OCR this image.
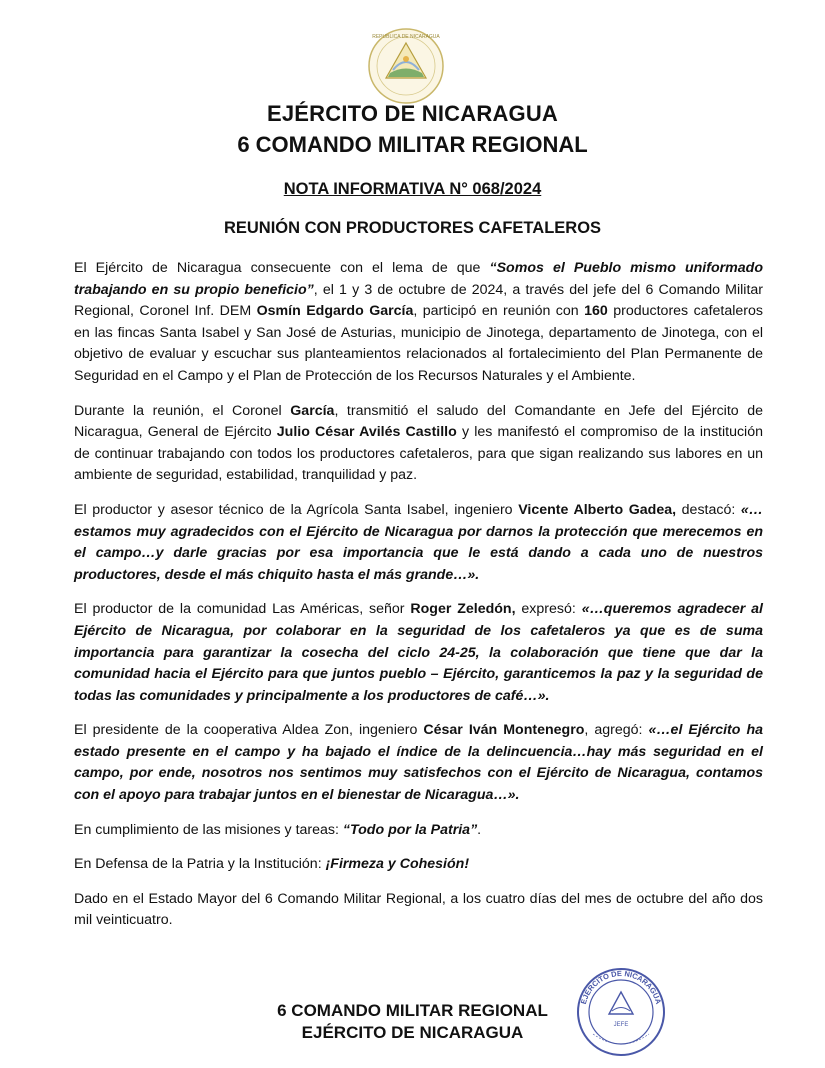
REPUBLICA DE NICARAGUA
EJÉRCITO DE NICARAGUA
6 COMANDO MILITAR REGIONAL
NOTA INFORMATIVA N° 068/2024
REUNIÓN CON PRODUCTORES CAFETALEROS

El Ejército de Nicaragua consecuente con el lema de que “Somos el Pueblo mismo uniformado trabajando en su propio beneficio”, el 1 y 3 de octubre de 2024, a través del jefe del 6 Comando Militar Regional, Coronel Inf. DEM Osmín Edgardo García, participó en reunión con 160 productores cafetaleros en las fincas Santa Isabel y San José de Asturias, municipio de Jinotega, departamento de Jinotega, con el objetivo de evaluar y escuchar sus planteamientos relacionados al fortalecimiento del Plan Permanente de Seguridad en el Campo y el Plan de Protección de los Recursos Naturales y el Ambiente.

Durante la reunión, el Coronel García, transmitió el saludo del Comandante en Jefe del Ejército de Nicaragua, General de Ejército Julio César Avilés Castillo y les manifestó el compromiso de la institución de continuar trabajando con todos los productores cafetaleros, para que sigan realizando sus labores en un ambiente de seguridad, estabilidad, tranquilidad y paz.

El productor y asesor técnico de la Agrícola Santa Isabel, ingeniero Vicente Alberto Gadea, destacó: «…estamos muy agradecidos con el Ejército de Nicaragua por darnos la protección que merecemos en el campo…y darle gracias por esa importancia que le está dando a cada uno de nuestros productores, desde el más chiquito hasta el más grande…».

El productor de la comunidad Las Américas, señor Roger Zeledón, expresó: «…queremos agradecer al Ejército de Nicaragua, por colaborar en la seguridad de los cafetaleros ya que es de suma importancia para garantizar la cosecha del ciclo 24-25, la colaboración que tiene que dar la comunidad hacia el Ejército para que juntos pueblo – Ejército, garanticemos la paz y la seguridad de todas las comunidades y principalmente a los productores de café…».

El presidente de la cooperativa Aldea Zon, ingeniero César Iván Montenegro, agregó: «…el Ejército ha estado presente en el campo y ha bajado el índice de la delincuencia…hay más seguridad en el campo, por ende, nosotros nos sentimos muy satisfechos con el Ejército de Nicaragua, contamos con el apoyo para trabajar juntos en el bienestar de Nicaragua…».

En cumplimiento de las misiones y tareas: “Todo por la Patria”.

En Defensa de la Patria y la Institución: ¡Firmeza y Cohesión!

Dado en el Estado Mayor del 6 Comando Militar Regional, a los cuatro días del mes de octubre del año dos mil veinticuatro.

6 COMANDO MILITAR REGIONAL
EJÉRCITO DE NICARAGUA
EJÉRCITO DE NICARAGUA
JEFE
